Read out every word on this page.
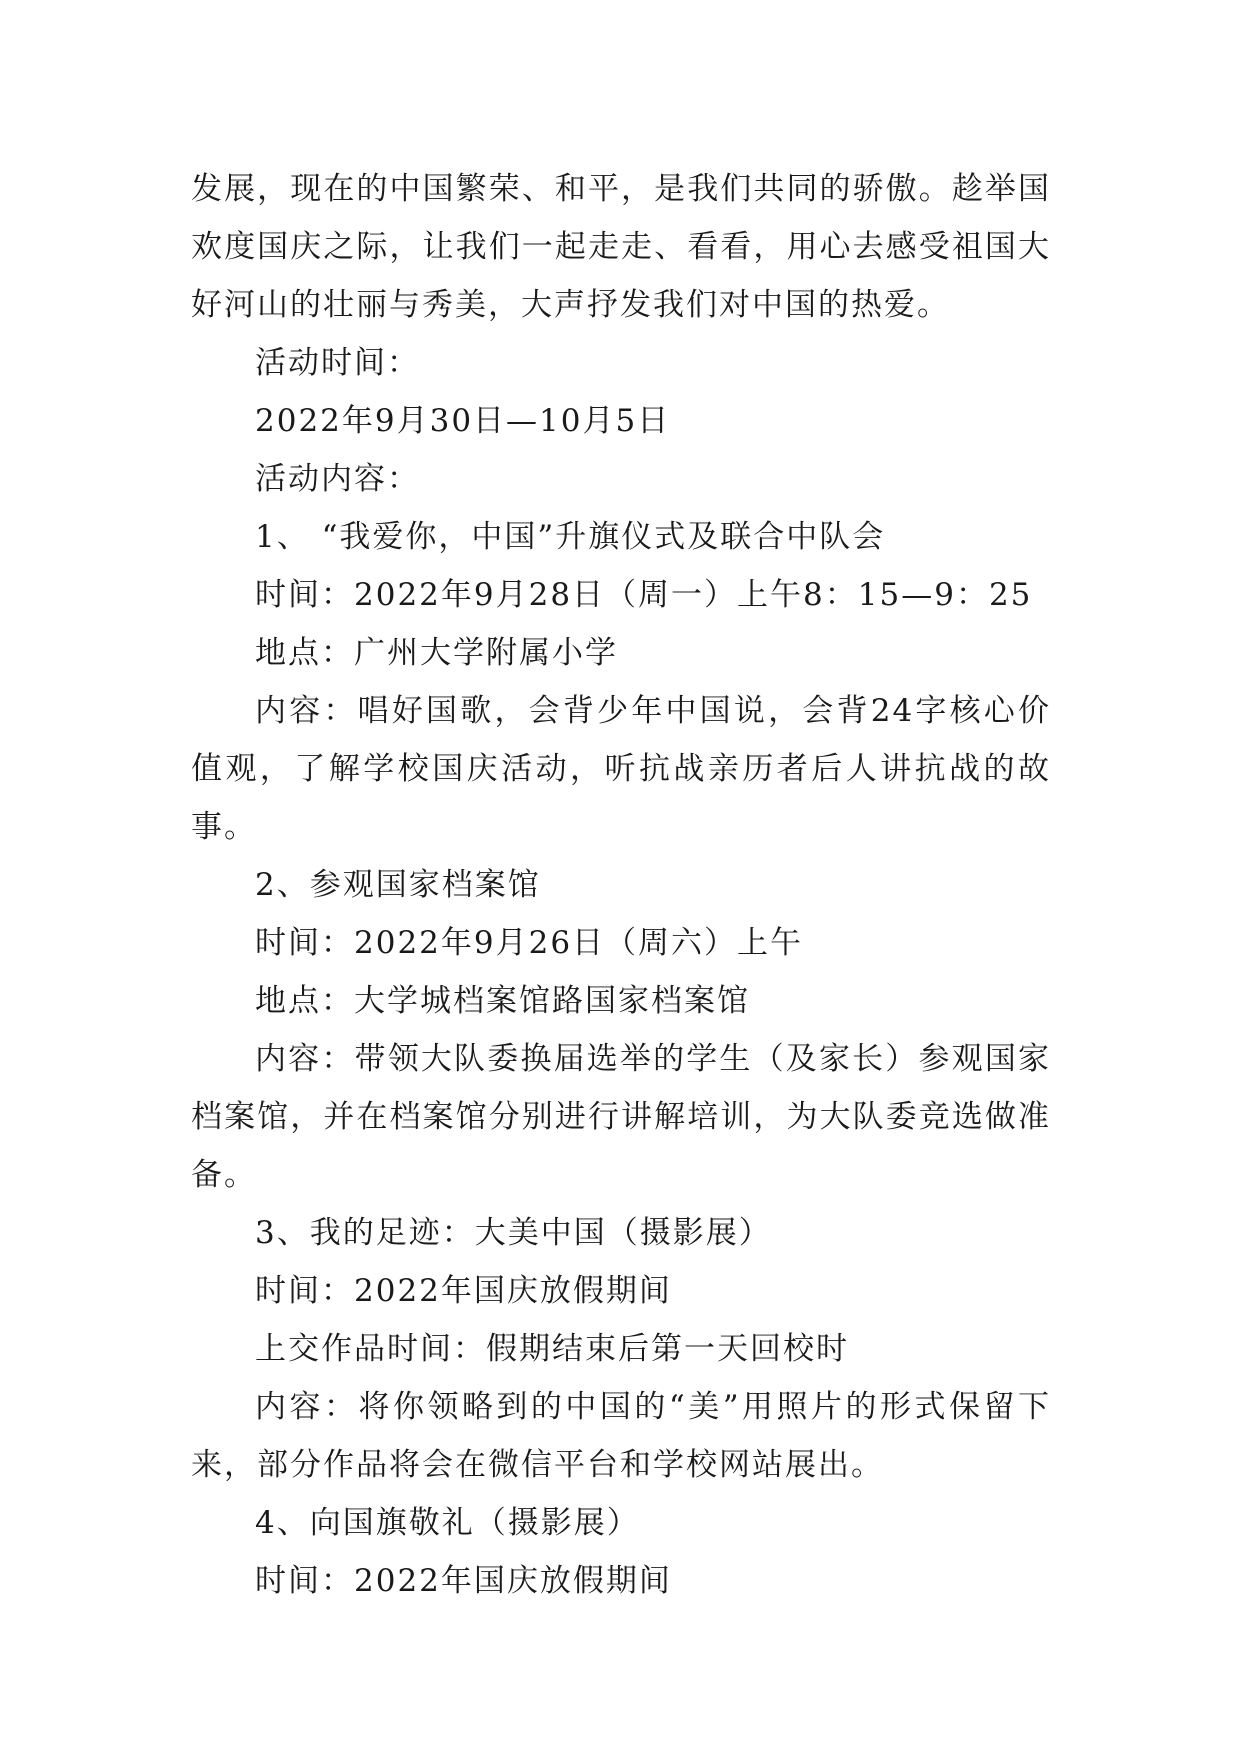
发展，现在的中国繁荣、和平，是我们共同的骄傲。趁举国欢度国庆之际，让我们一起走走、看看，用心去感受祖国大好河山的壮丽与秀美，大声抒发我们对中国的热爱。

活动时间：

2022年9月30日—10月5日

活动内容：

1、 “我爱你，中国”升旗仪式及联合中队会

时间：2022年9月28日（周一）上午8：15—9：25

地点：广州大学附属小学

内容：唱好国歌，会背少年中国说，会背24字核心价值观，了解学校国庆活动，听抗战亲历者后人讲抗战的故事。

2、参观国家档案馆

时间：2022年9月26日（周六）上午

地点：大学城档案馆路国家档案馆

内容：带领大队委换届选举的学生（及家长）参观国家档案馆，并在档案馆分别进行讲解培训，为大队委竞选做准备。

3、我的足迹：大美中国（摄影展）

时间：2022年国庆放假期间

上交作品时间：假期结束后第一天回校时

内容：将你领略到的中国的“美”用照片的形式保留下来，部分作品将会在微信平台和学校网站展出。

4、向国旗敬礼（摄影展）

时间：2022年国庆放假期间
